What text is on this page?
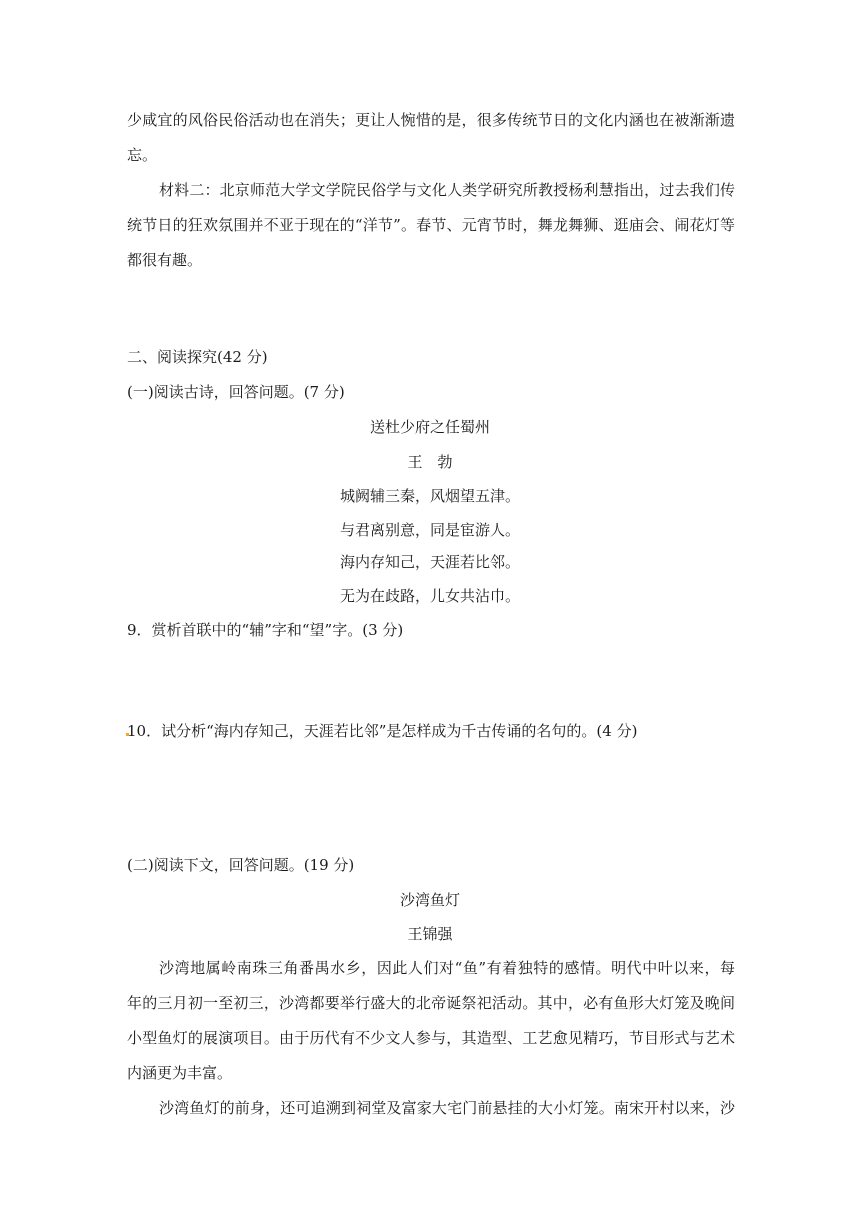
少咸宜的风俗民俗活动也在消失；更让人惋惜的是，很多传统节日的文化内涵也在被渐渐遗
忘。
材料二：北京师范大学文学院民俗学与文化人类学研究所教授杨利慧指出，过去我们传
统节日的狂欢氛围并不亚于现在的“洋节”。春节、元宵节时，舞龙舞狮、逛庙会、闹花灯等
都很有趣。
二、阅读探究(42 分)
(一)阅读古诗，回答问题。(7 分)
送杜少府之任蜀州
王　勃
城阙辅三秦，风烟望五津。
与君离别意，同是宦游人。
海内存知己，天涯若比邻。
无为在歧路，儿女共沾巾。
9．赏析首联中的“辅”字和“望”字。(3 分)
10．试分析“海内存知己，天涯若比邻”是怎样成为千古传诵的名句的。(4 分)
(二)阅读下文，回答问题。(19 分)
沙湾鱼灯
王锦强
沙湾地属岭南珠三角番禺水乡，因此人们对“鱼”有着独特的感情。明代中叶以来，每
年的三月初一至初三，沙湾都要举行盛大的北帝诞祭祀活动。其中，必有鱼形大灯笼及晚间
小型鱼灯的展演项目。由于历代有不少文人参与，其造型、工艺愈见精巧，节目形式与艺术
内涵更为丰富。
沙湾鱼灯的前身，还可追溯到祠堂及富家大宅门前悬挂的大小灯笼。南宋开村以来，沙
